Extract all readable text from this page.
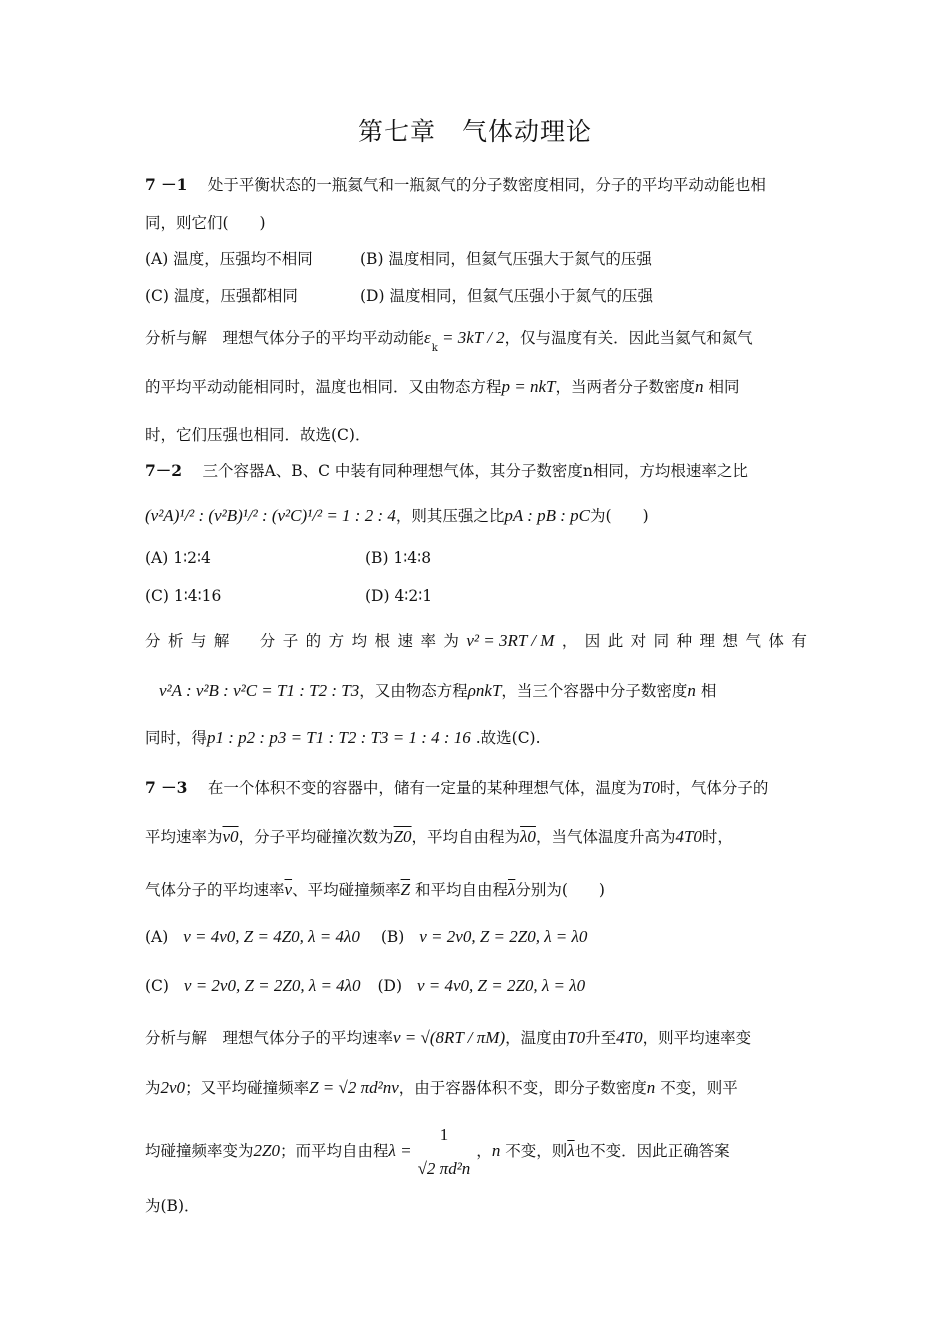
第七章　气体动理论
7 －1　 处于平衡状态的一瓶氦气和一瓶氮气的分子数密度相同，分子的平均平动动能也相
同，则它们(　　)
(A) 温度，压强均不相同	(B) 温度相同，但氦气压强大于氮气的压强
(C) 温度，压强都相同	(D) 温度相同，但氦气压强小于氮气的压强
分析与解　理想气体分子的平均平动动能$\varepsilon_k = 3kT / 2$，仅与温度有关．因此当氦气和氮气
的平均平动动能相同时，温度也相同．又由物态方程p = nkT，当两者分子数密度n 相同
时，它们压强也相同．故选(C)．
7－2　 三个容器A、B、C 中装有同种理想气体，其分子数密度n相同，方均根速率之比
(v²A)¹/² : (v²B)¹/² : (v²C)¹/² = 1 : 2 : 4，则其压强之比pA : pB : pC为(　　)
(A) 1∶2∶4	(B) 1∶4∶8
(C) 1∶4∶16	(D) 4∶2∶1
分 析 与 解
　 分 子 的 方 均 根 速 率 为 v² = 3RT / M ， 因 此 对 同 种 理 想 气 体 有
v²A : v²B : v²C = T1 : T2 : T3，又由物态方程ρnkT，当三个容器中分子数密度n 相
同时，得p1 : p2 : p3 = T1 : T2 : T3 = 1 : 4 : 16 .故选(C).
7 －3　 在一个体积不变的容器中，储有一定量的某种理想气体，温度为T0时，气体分子的
平均速率为v0，分子平均碰撞次数为Z0，平均自由程为λ0，当气体温度升高为4T0时，
气体分子的平均速率$\overline{v}$、平均碰撞频率$\overline{Z}$ 和平均自由程$\overline{\lambda}$分别为(　　)
(A) v = 4v0, Z = 4Z0, λ = 4λ0 (B) v = 2v0, Z = 2Z0, λ = λ0
(C) v = 2v0, Z = 2Z0, λ = 4λ0 (D) v = 4v0, Z = 2Z0, λ = λ0
分析与解　理想气体分子的平均速率v = √(8RT / πM)，温度由T0升至4T0，则平均速率变
为2v0；又平均碰撞频率Z = √2 πd²nv，由于容器体积不变，即分子数密度n 不变，则平
均碰撞频率变为2Z0；而平均自由程λ =
1
√2 πd²n
，n 不变，则$\overline{\lambda}$也不变．因此正确答案
为(B)．
